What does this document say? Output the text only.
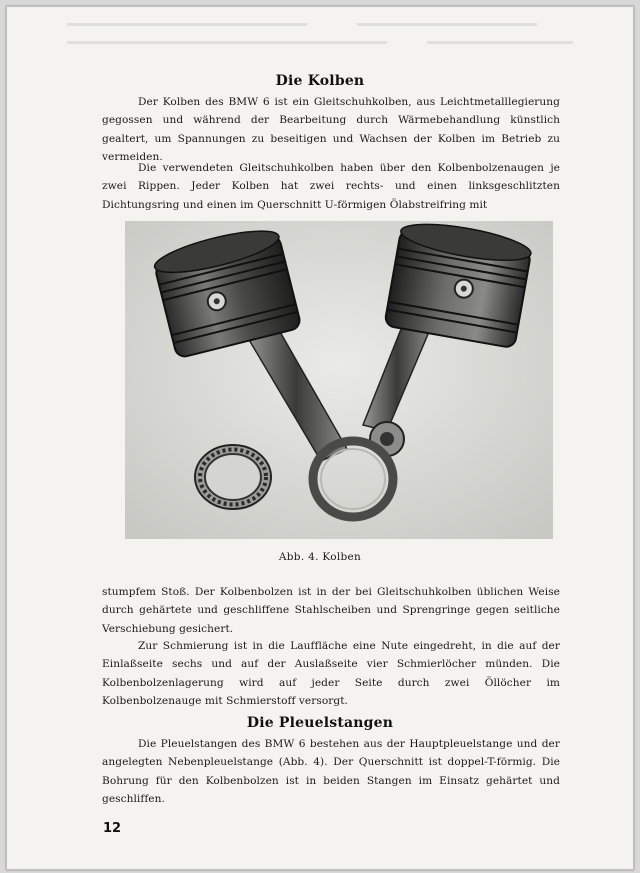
Die Kolben

Der Kolben des BMW 6 ist ein Gleitschuhkolben, aus Leichtmetalllegierung gegossen und während der Bearbeitung durch Wärmebehandlung künstlich gealtert, um Spannungen zu beseitigen und Wachsen der Kolben im Betrieb zu vermeiden.

Die verwendeten Gleitschuhkolben haben über den Kolbenbolzenaugen je zwei Rippen. Jeder Kolben hat zwei rechts- und einen linksgeschlitzten Dichtungsring und einen im Querschnitt U-förmigen Ölabstreifring mit

Abb. 4. Kolben

stumpfem Stoß. Der Kolbenbolzen ist in der bei Gleitschuhkolben üblichen Weise durch gehärtete und geschliffene Stahlscheiben und Sprengringe gegen seitliche Verschiebung gesichert.

Zur Schmierung ist in die Lauffläche eine Nute eingedreht, in die auf der Einlaßseite sechs und auf der Auslaßseite vier Schmierlöcher münden. Die Kolbenbolzenlagerung wird auf jeder Seite durch zwei Öllöcher im Kolbenbolzenauge mit Schmierstoff versorgt.

Die Pleuelstangen

Die Pleuelstangen des BMW 6 bestehen aus der Hauptpleuelstange und der angelegten Nebenpleuelstange (Abb. 4). Der Querschnitt ist doppel-T-förmig. Die Bohrung für den Kolbenbolzen ist in beiden Stangen im Einsatz gehärtet und geschliffen.

12
